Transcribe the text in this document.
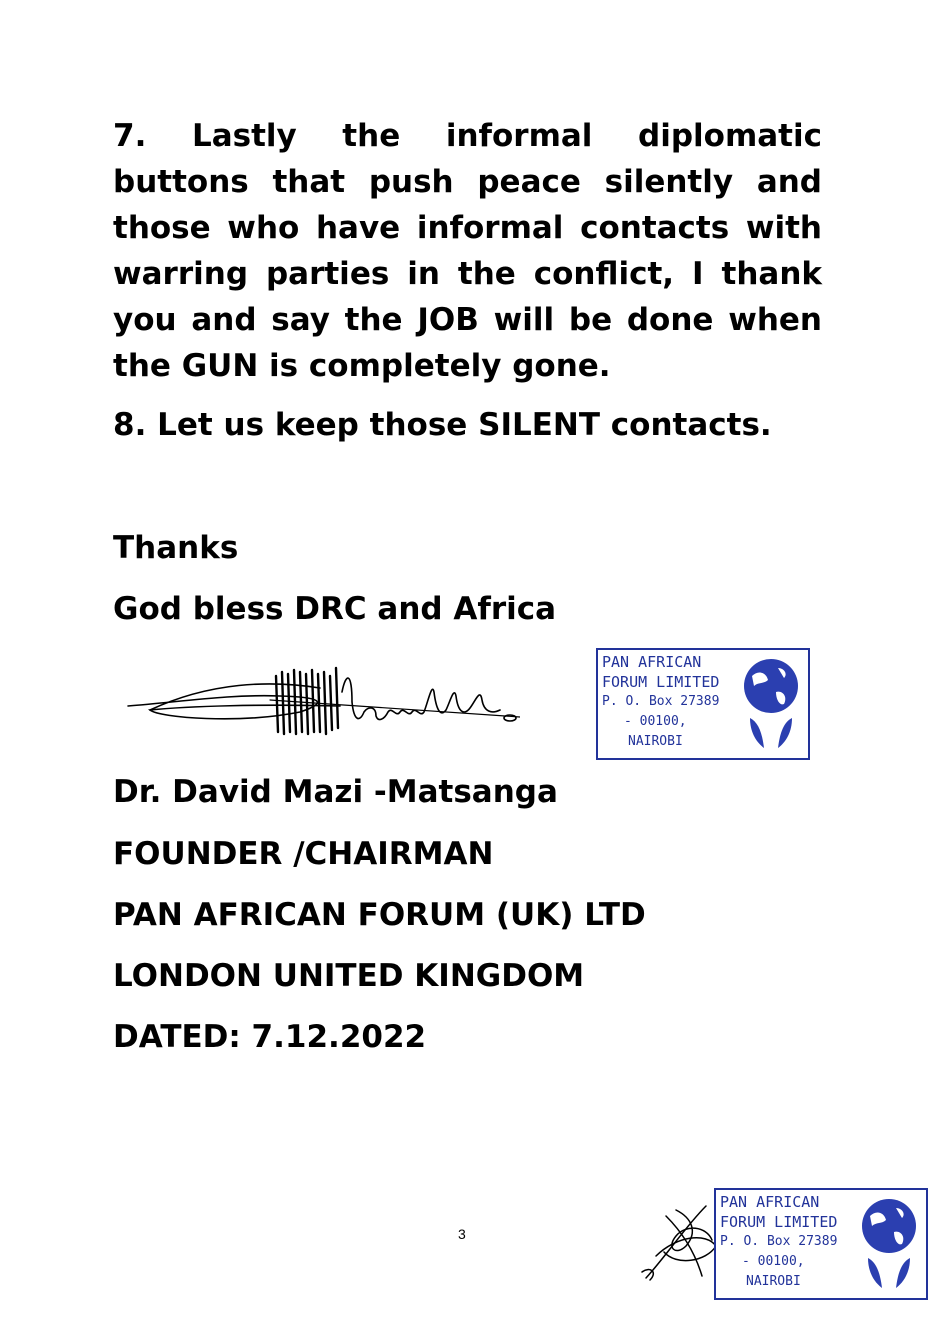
7. Lastly the informal diplomatic buttons that push peace silently and those who have informal contacts with warring parties in the conflict, I thank you and say the JOB will be done when the GUN is completely gone.

8. Let us keep those SILENT contacts.

Thanks

God bless DRC and Africa

PAN AFRICAN
FORUM LIMITED
P. O. Box 27389
- 00100,
NAIROBI

Dr. David Mazi -Matsanga

FOUNDER /CHAIRMAN

PAN AFRICAN FORUM (UK) LTD

LONDON UNITED KINGDOM

DATED: 7.12.2022

3
PAN AFRICAN
FORUM LIMITED
P. O. Box 27389
- 00100,
NAIROBI
